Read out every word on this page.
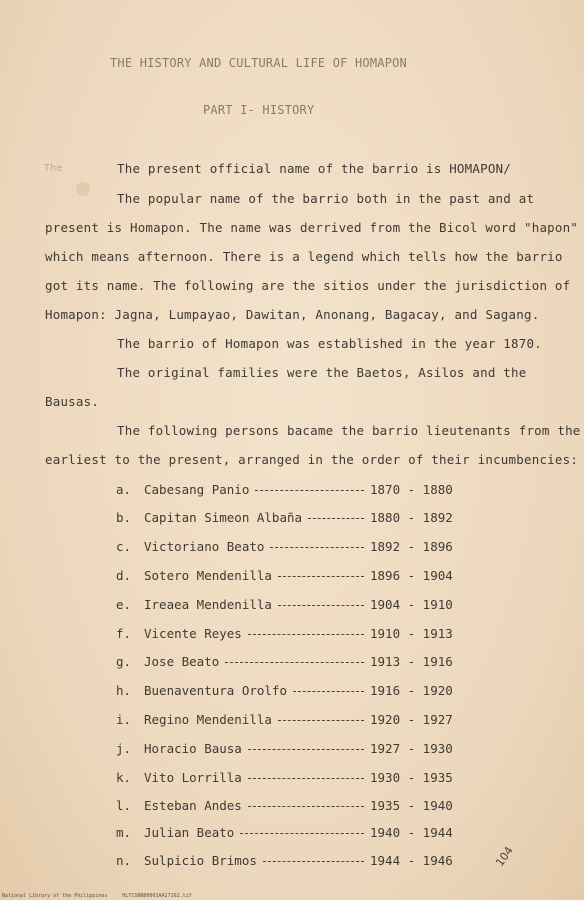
THE HISTORY AND CULTURAL LIFE OF HOMAPON
PART I- HISTORY
The	The present official name of the barrio is HOMAPON/
The popular name of the barrio both in the past and at
present is Homapon. The name was derrived from the Bicol word "hapon"
which means afternoon. There is a legend which tells how the barrio
got its name. The following are the sitios under the jurisdiction of
Homapon: Jagna, Lumpayao, Dawitan, Anonang, Bagacay, and Sagang.
The barrio of Homapon was established in the year 1870.
The original families were the Baetos, Asilos and the
Bausas.
The following persons bacame the barrio lieutenants from the
earliest to the present, arranged in the order of their incumbencies:
a. Cabesang Panio	1870 - 1880
b. Capitan Simeon Albaña	1880 - 1892
c. Victoriano Beato	1892 - 1896
d. Sotero Mendenilla	1896 - 1904
e. Ireaea Mendenilla	1904 - 1910
f. Vicente Reyes	1910 - 1913
g. Jose Beato	1913 - 1916
h. Buenaventura Orolfo	1916 - 1920
i. Regino Mendenilla	1920 - 1927
j. Horacio Bausa	1927 - 1930
k. Vito Lorrilla	1930 - 1935
l. Esteban Andes	1935 - 1940
m. Julian Beato	1940 - 1944
n. Sulpicio Brimos	1944 - 1946	104
National Library of the Philippines     HLTCSNN00001AA27162.tif
